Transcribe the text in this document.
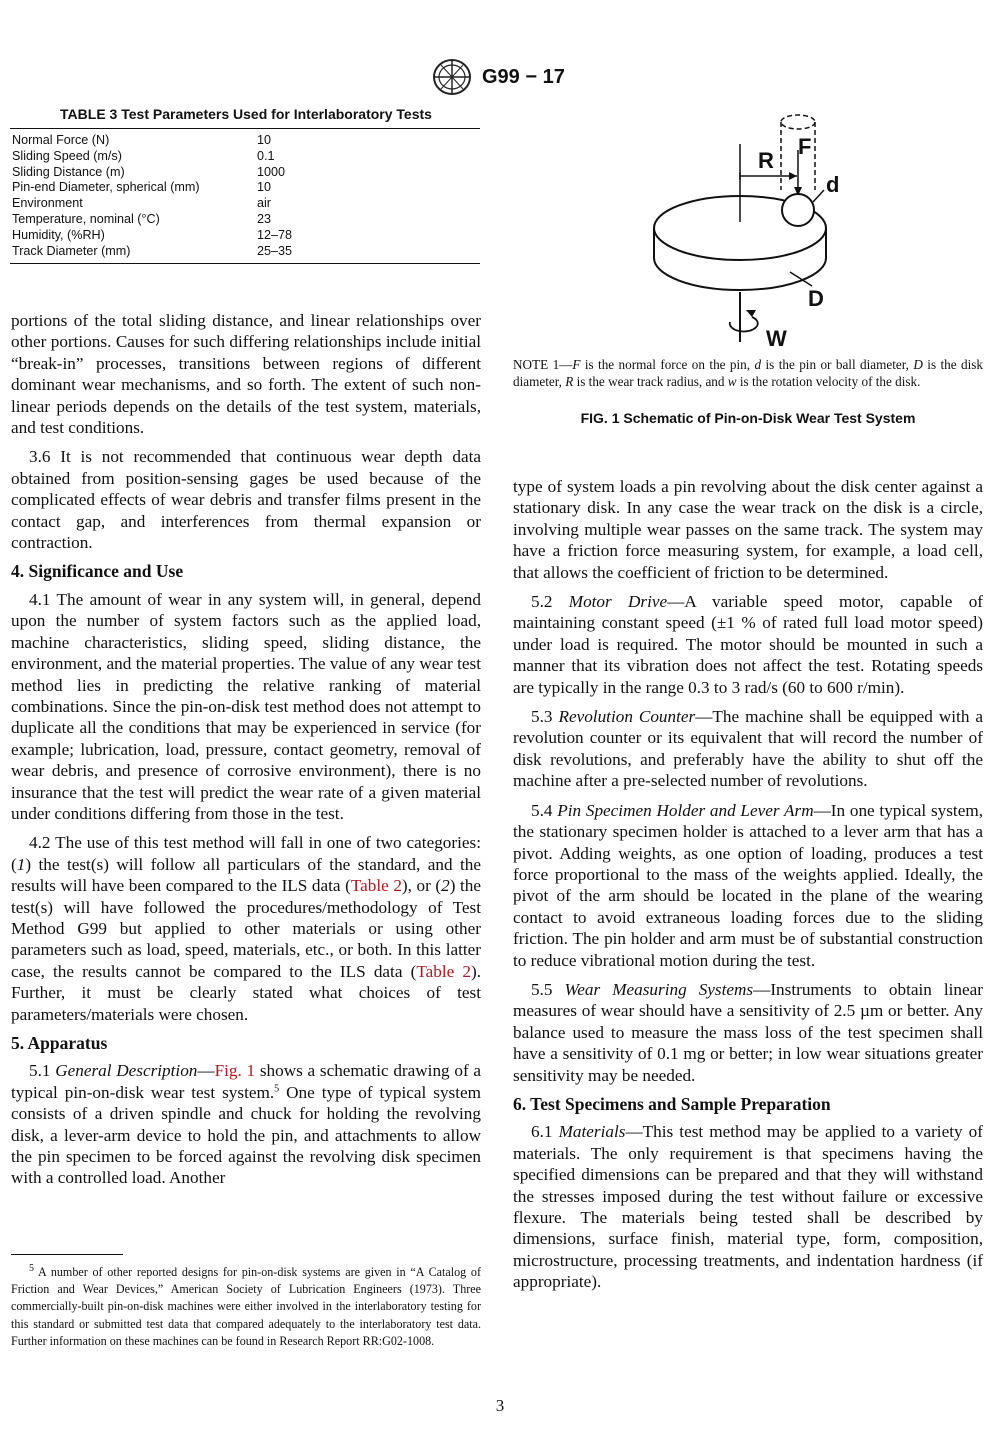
G99 − 17
TABLE 3 Test Parameters Used for Interlaboratory Tests
Normal Force (N)	10
Sliding Speed (m/s)	0.1
Sliding Distance (m)	1000
Pin-end Diameter, spherical (mm)	10
Environment	air
Temperature, nominal (°C)	23
Humidity, (%RH)	12–78
Track Diameter (mm)	25–35
R
F
d
D
W
NOTE 1—F is the normal force on the pin, d is the pin or ball diameter, D is the disk diameter, R is the wear track radius, and w is the rotation velocity of the disk.
FIG. 1 Schematic of Pin-on-Disk Wear Test System

portions of the total sliding distance, and linear relationships over other portions. Causes for such differing relationships include initial “break-in” processes, transitions between regions of different dominant wear mechanisms, and so forth. The extent of such non-linear periods depends on the details of the test system, materials, and test conditions.

3.6 It is not recommended that continuous wear depth data obtained from position-sensing gages be used because of the complicated effects of wear debris and transfer films present in the contact gap, and interferences from thermal expansion or contraction.

4. Significance and Use

4.1 The amount of wear in any system will, in general, depend upon the number of system factors such as the applied load, machine characteristics, sliding speed, sliding distance, the environment, and the material properties. The value of any wear test method lies in predicting the relative ranking of material combinations. Since the pin-on-disk test method does not attempt to duplicate all the conditions that may be experienced in service (for example; lubrication, load, pressure, contact geometry, removal of wear debris, and presence of corrosive environment), there is no insurance that the test will predict the wear rate of a given material under conditions differing from those in the test.

4.2 The use of this test method will fall in one of two categories: (1) the test(s) will follow all particulars of the standard, and the results will have been compared to the ILS data (Table 2), or (2) the test(s) will have followed the procedures/methodology of Test Method G99 but applied to other materials or using other parameters such as load, speed, materials, etc., or both. In this latter case, the results cannot be compared to the ILS data (Table 2). Further, it must be clearly stated what choices of test parameters/materials were chosen.

5. Apparatus

5.1 General Description—Fig. 1 shows a schematic drawing of a typical pin-on-disk wear test system.$^5$ One type of typical system consists of a driven spindle and chuck for holding the revolving disk, a lever-arm device to hold the pin, and attachments to allow the pin specimen to be forced against the revolving disk specimen with a controlled load. Another

$^5$ A number of other reported designs for pin-on-disk systems are given in “A Catalog of Friction and Wear Devices,” American Society of Lubrication Engineers (1973). Three commercially-built pin-on-disk machines were either involved in the interlaboratory testing for this standard or submitted test data that compared adequately to the interlaboratory test data. Further information on these machines can be found in Research Report RR:G02-1008.

type of system loads a pin revolving about the disk center against a stationary disk. In any case the wear track on the disk is a circle, involving multiple wear passes on the same track. The system may have a friction force measuring system, for example, a load cell, that allows the coefficient of friction to be determined.

5.2 Motor Drive—A variable speed motor, capable of maintaining constant speed (±1 % of rated full load motor speed) under load is required. The motor should be mounted in such a manner that its vibration does not affect the test. Rotating speeds are typically in the range 0.3 to 3 rad/s (60 to 600 r/min).

5.3 Revolution Counter—The machine shall be equipped with a revolution counter or its equivalent that will record the number of disk revolutions, and preferably have the ability to shut off the machine after a pre-selected number of revolutions.

5.4 Pin Specimen Holder and Lever Arm—In one typical system, the stationary specimen holder is attached to a lever arm that has a pivot. Adding weights, as one option of loading, produces a test force proportional to the mass of the weights applied. Ideally, the pivot of the arm should be located in the plane of the wearing contact to avoid extraneous loading forces due to the sliding friction. The pin holder and arm must be of substantial construction to reduce vibrational motion during the test.

5.5 Wear Measuring Systems—Instruments to obtain linear measures of wear should have a sensitivity of 2.5 µm or better. Any balance used to measure the mass loss of the test specimen shall have a sensitivity of 0.1 mg or better; in low wear situations greater sensitivity may be needed.

6. Test Specimens and Sample Preparation

6.1 Materials—This test method may be applied to a variety of materials. The only requirement is that specimens having the specified dimensions can be prepared and that they will withstand the stresses imposed during the test without failure or excessive flexure. The materials being tested shall be described by dimensions, surface finish, material type, form, composition, microstructure, processing treatments, and indentation hardness (if appropriate).

3
